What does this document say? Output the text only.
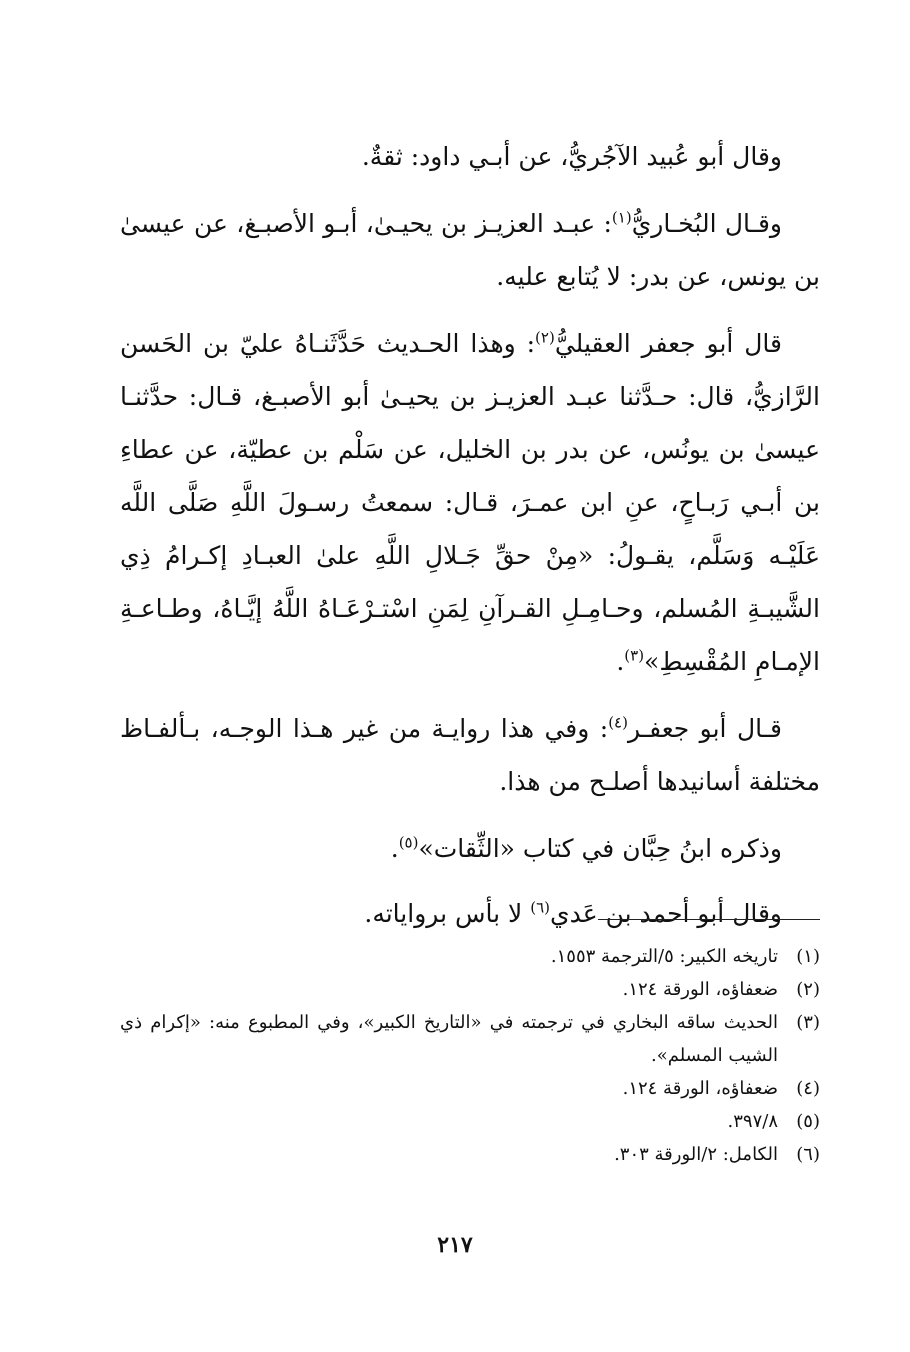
وقال أبو عُبيد الآجُريُّ، عن أبـي داود: ثقةٌ.

وقـال البُخـاريُّ$^{(١)}$: عبـد العزيـز بن يحيـىٰ، أبـو الأصبـغ، عن عيسىٰ بن يونس، عن بدر: لا يُتابع عليه.

قال أبو جعفر العقيليُّ$^{(٢)}$: وهذا الحـديث حَدَّثَنـاهُ عليّ بن الحَسن الرَّازيُّ، قال: حـدَّثنا عبـد العزيـز بن يحيـىٰ أبو الأصبـغ، قـال: حدَّثنـا عيسىٰ بن يونُس، عن بدر بن الخليل، عن سَلْم بن عطيّة، عن عطاءِ بن أبـي رَبـاحٍ، عنِ ابن عمـرَ، قـال: سمعتُ رسـولَ اللَّهِ صَلَّى اللَّه عَلَيْـه وَسَلَّم، يقـولُ: «مِنْ حقِّ جَـلالِ اللَّهِ علىٰ العبـادِ إكـرامُ ذِي الشَّيبـةِ المُسلم، وحـامِـلِ القـرآنِ لِمَنِ اسْتـرْعَـاهُ اللَّهُ إيَّـاهُ، وطـاعـةِ الإمـامِ المُقْسِطِ»$^{(٣)}$.

قـال أبو جعفـر$^{(٤)}$: وفي هذا روايـة من غير هـذا الوجـه، بـألفـاظ مختلفة أسانيدها أصلـح من هذا.

وذكره ابنُ حِبَّان في كتاب «الثِّقات»$^{(٥)}$.

وقال أبو أحمد بن عَدي$^{(٦)}$ لا بأس برواياته.

(١)
تاريخه الكبير: ٥/الترجمة ١٥٥٣.
(٢)
ضعفاؤه، الورقة ١٢٤.
(٣)
الحديث ساقه البخاري في ترجمته في «التاريخ الكبير»، وفي المطبوع منه: «إكرام ذي الشيب المسلم».
(٤)
ضعفاؤه، الورقة ١٢٤.
(٥)
٣٩٧/٨.
(٦)
الكامل: ٢/الورقة ٣٠٣.
٢١٧
